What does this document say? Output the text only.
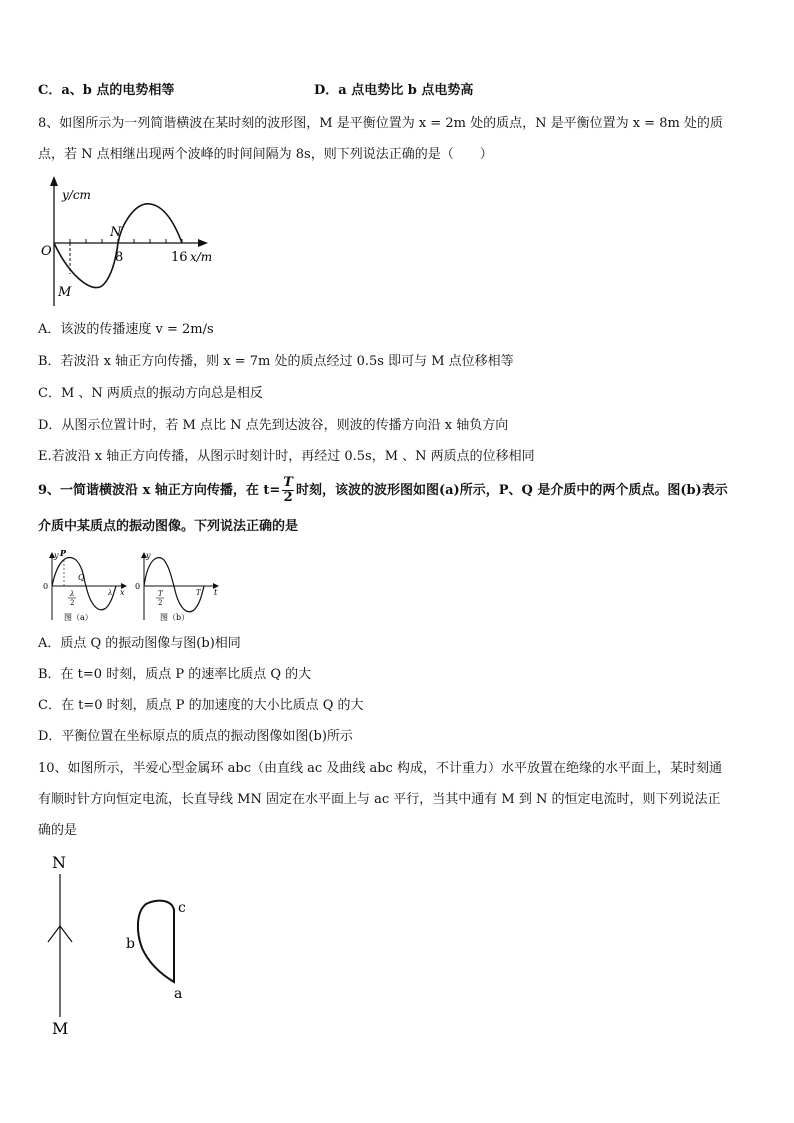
C．a、b 点的电势相等	D．a 点电势比 b 点电势高
8、如图所示为一列简谐横波在某时刻的波形图，M 是平衡位置为 x = 2m 处的质点，N 是平衡位置为 x = 8m 处的质
点，若 N 点相继出现两个波峰的时间间隔为 8s，则下列说法正确的是（　　）
y/cm
O
N
8	16 x/m
M
A．该波的传播速度 v = 2m/s
B．若波沿 x 轴正方向传播，则 x = 7m 处的质点经过 0.5s 即可与 M 点位移相等
C．M 、N 两质点的振动方向总是相反
D．从图示位置计时，若 M 点比 N 点先到达波谷，则波的传播方向沿 x 轴负方向
E.若波沿 x 轴正方向传播，从图示时刻计时，再经过 0.5s，M 、N 两质点的位移相同
9、一简谐横波沿 x 轴正方向传播，在 $t= \frac{T}{2}$ 时刻，该波的波形图如图(a)所示，P、Q 是介质中的两个质点。图(b)表示
介质中某质点的振动图像。下列说法正确的是
y P
Q
0
x
λ
λ
2
图（a）
y
0
t
T
T
2
图（b）
A．质点 Q 的振动图像与图(b)相同
B．在 t=0 时刻，质点 P 的速率比质点 Q 的大
C．在 t=0 时刻，质点 P 的加速度的大小比质点 Q 的大
D．平衡位置在坐标原点的质点的振动图像如图(b)所示
10、如图所示，半爱心型金属环 abc（由直线 ac 及曲线 abc 构成，不计重力）水平放置在绝缘的水平面上，某时刻通
有顺时针方向恒定电流，长直导线 MN 固定在水平面上与 ac 平行，当其中通有 M 到 N 的恒定电流时，则下列说法正
确的是
N
M
c
b
a
